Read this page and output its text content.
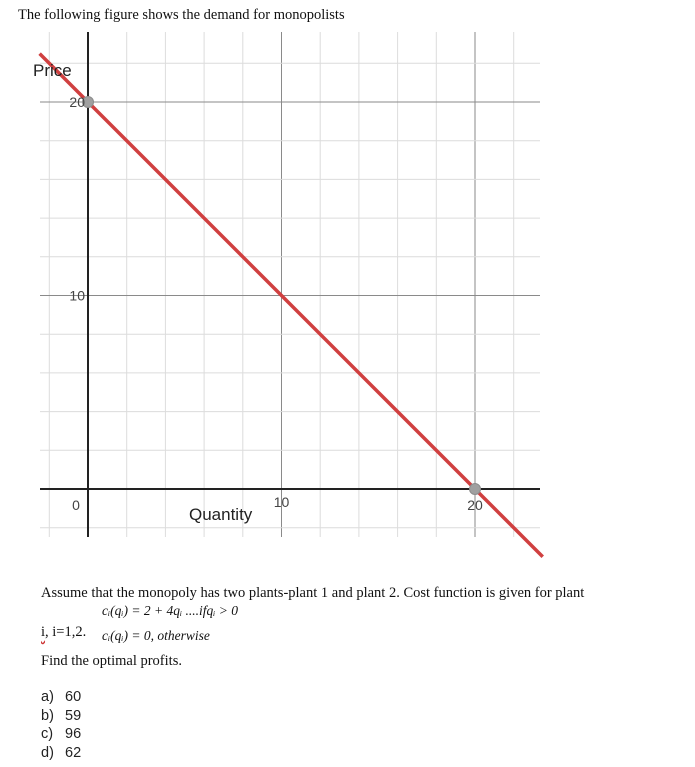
The following figure shows the demand for monopolists
10
20
0	10	20
Price
Quantity
Assume that the monopoly has two plants-plant 1 and plant 2. Cost function is given for plant
cᵢ(qᵢ) = 2 + 4qᵢ ....ifqᵢ > 0
i, i=1,2. cᵢ(qᵢ) = 0, otherwise
Find the optimal profits.
a) 60
b) 59
c) 96
d) 62
